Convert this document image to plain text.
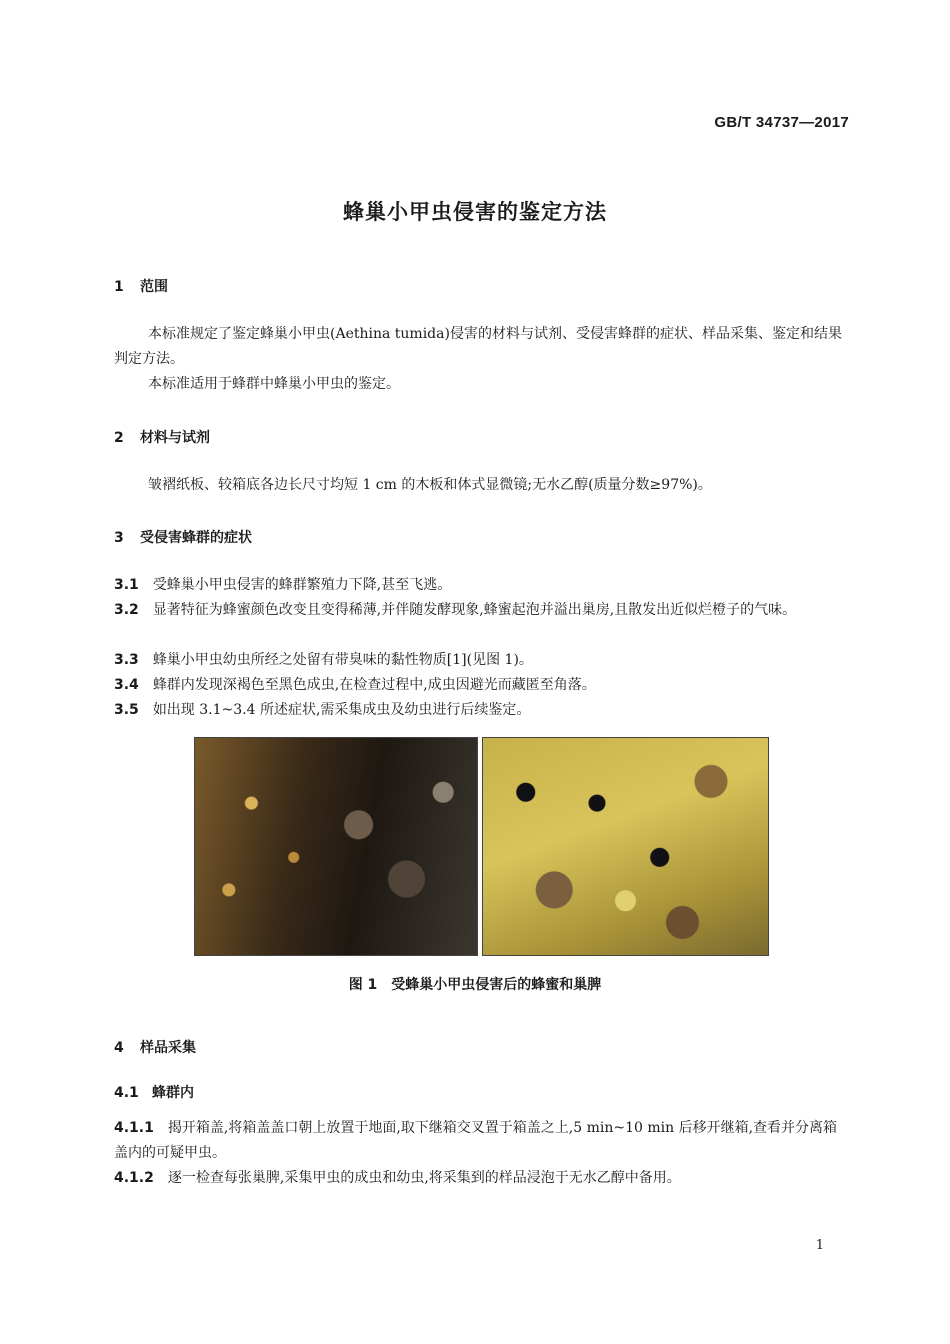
GB/T 34737—2017
蜂巢小甲虫侵害的鉴定方法
1 范围
本标准规定了鉴定蜂巢小甲虫(Aethina tumida)侵害的材料与试剂、受侵害蜂群的症状、样品采集、鉴定和结果判定方法。
本标准适用于蜂群中蜂巢小甲虫的鉴定。
2 材料与试剂
皱褶纸板、较箱底各边长尺寸均短 1 cm 的木板和体式显微镜;无水乙醇(质量分数≥97%)。
3 受侵害蜂群的症状
3.1 受蜂巢小甲虫侵害的蜂群繁殖力下降,甚至飞逃。
3.2 显著特征为蜂蜜颜色改变且变得稀薄,并伴随发酵现象,蜂蜜起泡并溢出巢房,且散发出近似烂橙子的气味。
3.3 蜂巢小甲虫幼虫所经之处留有带臭味的黏性物质[1](见图 1)。
3.4 蜂群内发现深褐色至黑色成虫,在检查过程中,成虫因避光而藏匿至角落。
3.5 如出现 3.1~3.4 所述症状,需采集成虫及幼虫进行后续鉴定。
图 1　受蜂巢小甲虫侵害后的蜂蜜和巢脾
4 样品采集
4.1 蜂群内
4.1.1 揭开箱盖,将箱盖盖口朝上放置于地面,取下继箱交叉置于箱盖之上,5 min~10 min 后移开继箱,查看并分离箱盖内的可疑甲虫。
4.1.2 逐一检查每张巢脾,采集甲虫的成虫和幼虫,将采集到的样品浸泡于无水乙醇中备用。
1
